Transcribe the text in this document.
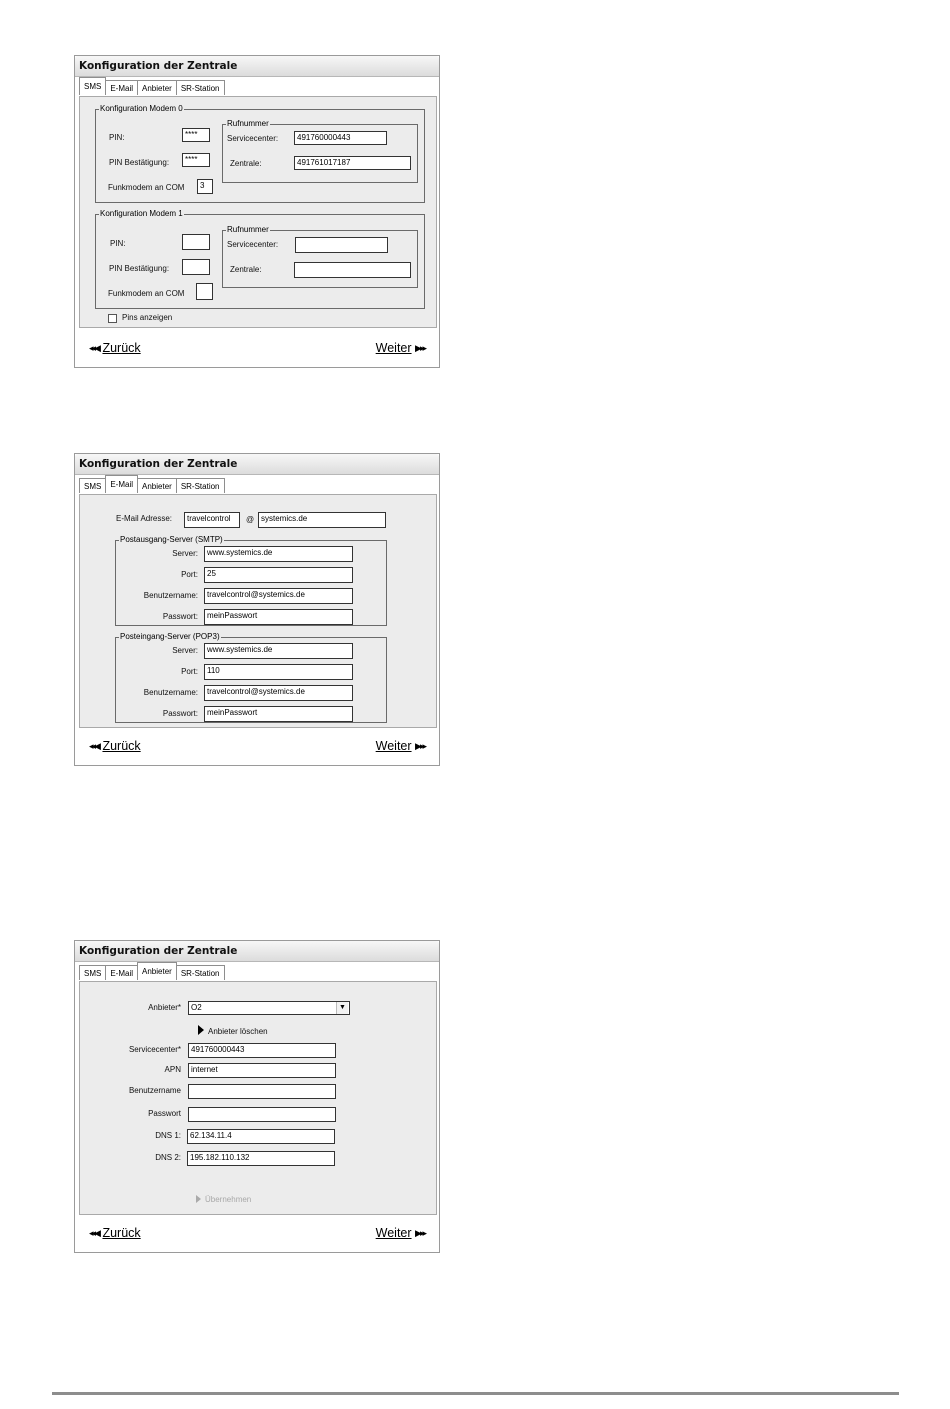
Konfiguration der Zentrale
SMS	E-Mail	Anbieter	SR-Station
Konfiguration Modem 0
PIN:	****
PIN Bestätigung:	****
Funkmodem an COM	3
Rufnummer
Servicecenter:	491760000443
Zentrale:	491761017187
Konfiguration Modem 1
PIN:
PIN Bestätigung:
Funkmodem an COM
Rufnummer
Servicecenter:
Zentrale:
Pins anzeigen
◂◂◀ Zurück	Weiter ▶▸▸
Konfiguration der Zentrale
SMS	E-Mail	Anbieter	SR-Station
E-Mail Adresse:	travelcontrol	@ systemics.de
Postausgang-Server (SMTP)
Server:	www.systemics.de
Port:	25
Benutzername:	travelcontrol@systemics.de
Passwort:	meinPasswort
Posteingang-Server (POP3)
Server:	www.systemics.de
Port:	110
Benutzername:	travelcontrol@systemics.de
Passwort:	meinPasswort
◂◂◀ Zurück	Weiter ▶▸▸
Konfiguration der Zentrale
SMS	E-Mail	Anbieter	SR-Station
Anbieter*	O2	▼
Anbieter löschen
Servicecenter*	491760000443
APN	internet
Benutzername
Passwort
DNS 1:	62.134.11.4
DNS 2:	195.182.110.132
Übernehmen
◂◂◀ Zurück	Weiter ▶▸▸
